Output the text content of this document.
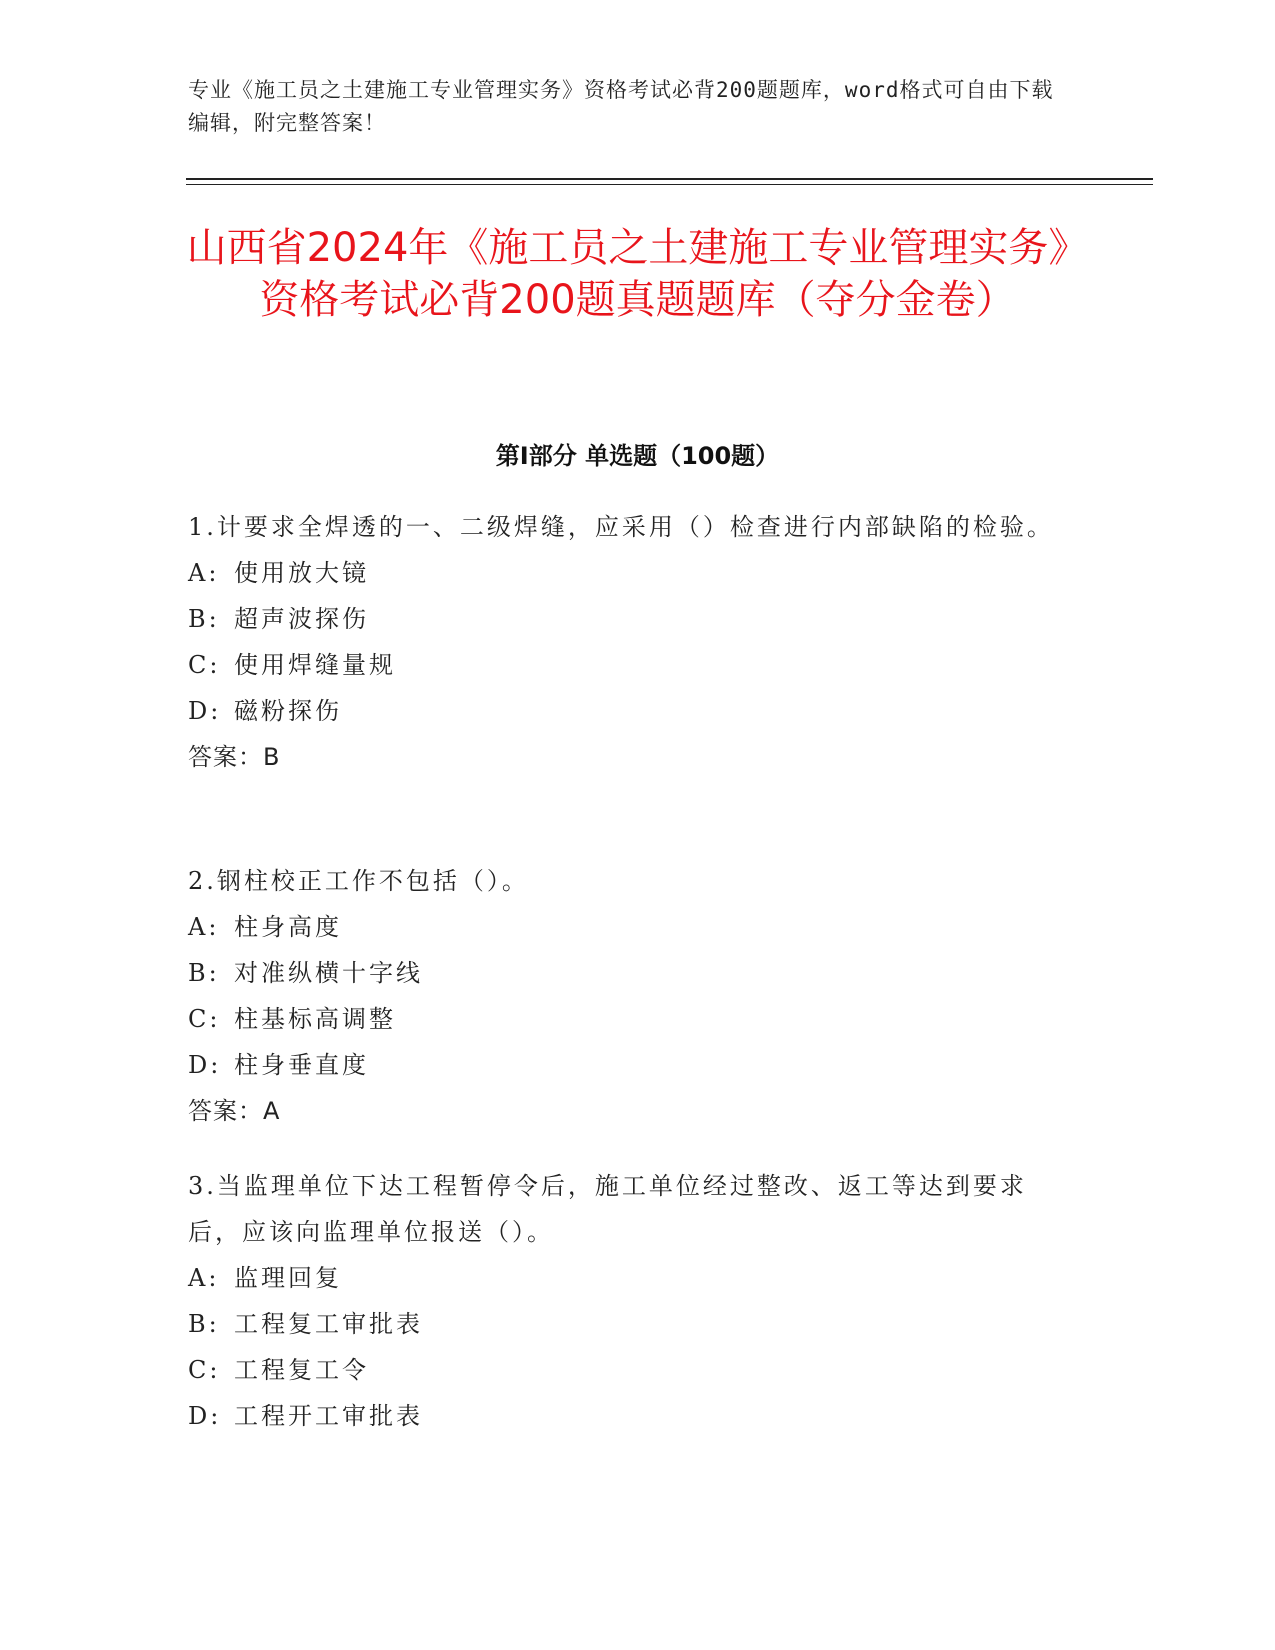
专业《施工员之土建施工专业管理实务》资格考试必背200题题库，word格式可自由下载编辑，附完整答案！
山西省2024年《施工员之土建施工专业管理实务》资格考试必背200题真题题库（夺分金卷）
第Ⅰ部分 单选题（100题）
1.计要求全焊透的一、二级焊缝，应采用（）检查进行内部缺陷的检验。
A: 使用放大镜
B: 超声波探伤
C: 使用焊缝量规
D: 磁粉探伤
答案：B
2.钢柱校正工作不包括（）。
A: 柱身高度
B: 对准纵横十字线
C: 柱基标高调整
D: 柱身垂直度
答案：A
3.当监理单位下达工程暂停令后，施工单位经过整改、返工等达到要求后，应该向监理单位报送（）。
A: 监理回复
B: 工程复工审批表
C: 工程复工令
D: 工程开工审批表
